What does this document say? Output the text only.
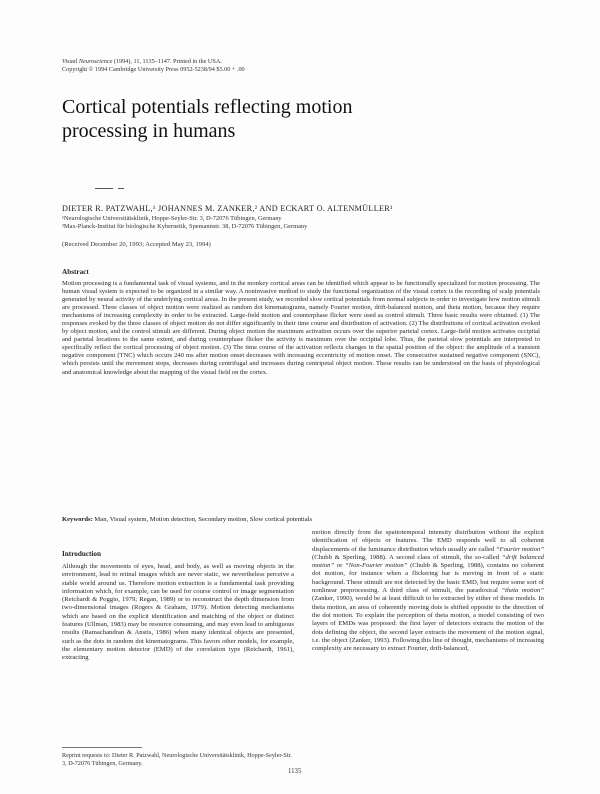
Visual Neuroscience (1994), 11, 1135–1147. Printed in the USA.
Copyright © 1994 Cambridge University Press 0952-5238/94 $5.00 + .00
Cortical potentials reflecting motion
processing in humans
DIETER R. PATZWAHL,¹ JOHANNES M. ZANKER,² AND ECKART O. ALTENMÜLLER¹
¹Neurologische Universitätsklinik, Hoppe-Seyler-Str. 3, D-72076 Tübingen, Germany
²Max-Planck-Institut für biologische Kybernetik, Spemannstr. 38, D-72076 Tübingen, Germany
(Received December 20, 1993; Accepted May 23, 1994)
Abstract
Motion processing is a fundamental task of visual systems, and in the monkey cortical areas can be identified which appear to be functionally specialized for motion processing. The human visual system is expected to be organized in a similar way. A noninvasive method to study the functional organization of the visual cortex is the recording of scalp potentials generated by neural activity of the underlying cortical areas. In the present study, we recorded slow cortical potentials from normal subjects in order to investigate how motion stimuli are processed. Three classes of object motion were realized as random dot kinematograms, namely Fourier motion, drift-balanced motion, and theta motion, because they require mechanisms of increasing complexity in order to be extracted. Large-field motion and counterphase flicker were used as control stimuli. Three basic results were obtained. (1) The responses evoked by the three classes of object motion do not differ significantly in their time course and distribution of activation. (2) The distributions of cortical activation evoked by object motion, and the control stimuli are different. During object motion the maximum activation occurs over the superior parietal cortex. Large-field motion activates occipital and parietal locations to the same extent, and during counterphase flicker the activity is maximum over the occipital lobe. Thus, the parietal slow potentials are interpreted to specifically reflect the cortical processing of object motion. (3) The time course of the activation reflects changes in the spatial position of the object: the amplitude of a transient negative component (TNC) which occurs 240 ms after motion onset decreases with increasing eccentricity of motion onset. The consecutive sustained negative component (SNC), which persists until the movement stops, decreases during centrifugal and increases during centripetal object motion. These results can be understood on the basis of physiological and anatomical knowledge about the mapping of the visual field on the cortex.
Keywords: Man, Visual system, Motion detection, Secondary motion, Slow cortical potentials
Introduction
Although the movements of eyes, head, and body, as well as moving objects in the environment, lead to retinal images which are never static, we nevertheless perceive a stable world around us. Therefore motion extraction is a fundamental task providing information which, for example, can be used for course control or image segmentation (Reichardt & Poggio, 1979; Regan, 1989) or to reconstruct the depth dimension from two-dimensional images (Rogers & Graham, 1979). Motion detecting mechanisms which are based on the explicit identification and matching of the object or distinct features (Ullman, 1983) may be resource consuming, and may even lead to ambiguous results (Ramachandran & Anstis, 1986) when many identical objects are presented, such as the dots in random dot kinematograms. This favors other models, for example, the elementary motion detector (EMD) of the correlation type (Reichardt, 1961), extracting
motion directly from the spatiotemporal intensity distribution without the explicit identification of objects or features. The EMD responds well to all coherent displacements of the luminance distribution which usually are called “Fourier motion” (Chubb & Sperling, 1988). A second class of stimuli, the so-called “drift balanced motion” or “Non-Fourier motion” (Chubb & Sperling, 1988), contains no coherent dot motion, for instance when a flickering bar is moving in front of a static background. These stimuli are not detected by the basic EMD, but require some sort of nonlinear preprocessing. A third class of stimuli, the paradoxical “theta motion” (Zanker, 1990), would be at least difficult to be extracted by either of these models. In theta motion, an area of coherently moving dots is shifted opposite to the direction of the dot motion. To explain the perception of theta motion, a model consisting of two layers of EMDs was proposed: the first layer of detectors extracts the motion of the dots defining the object, the second layer extracts the movement of the motion signal, i.e. the object (Zanker, 1993). Following this line of thought, mechanisms of increasing complexity are necessary to extract Fourier, drift-balanced,
Reprint requests to: Dieter R. Patzwahl, Neurologische Universitätsklinik, Hoppe-Seyler-Str. 3, D-72076 Tübingen, Germany.
1135
